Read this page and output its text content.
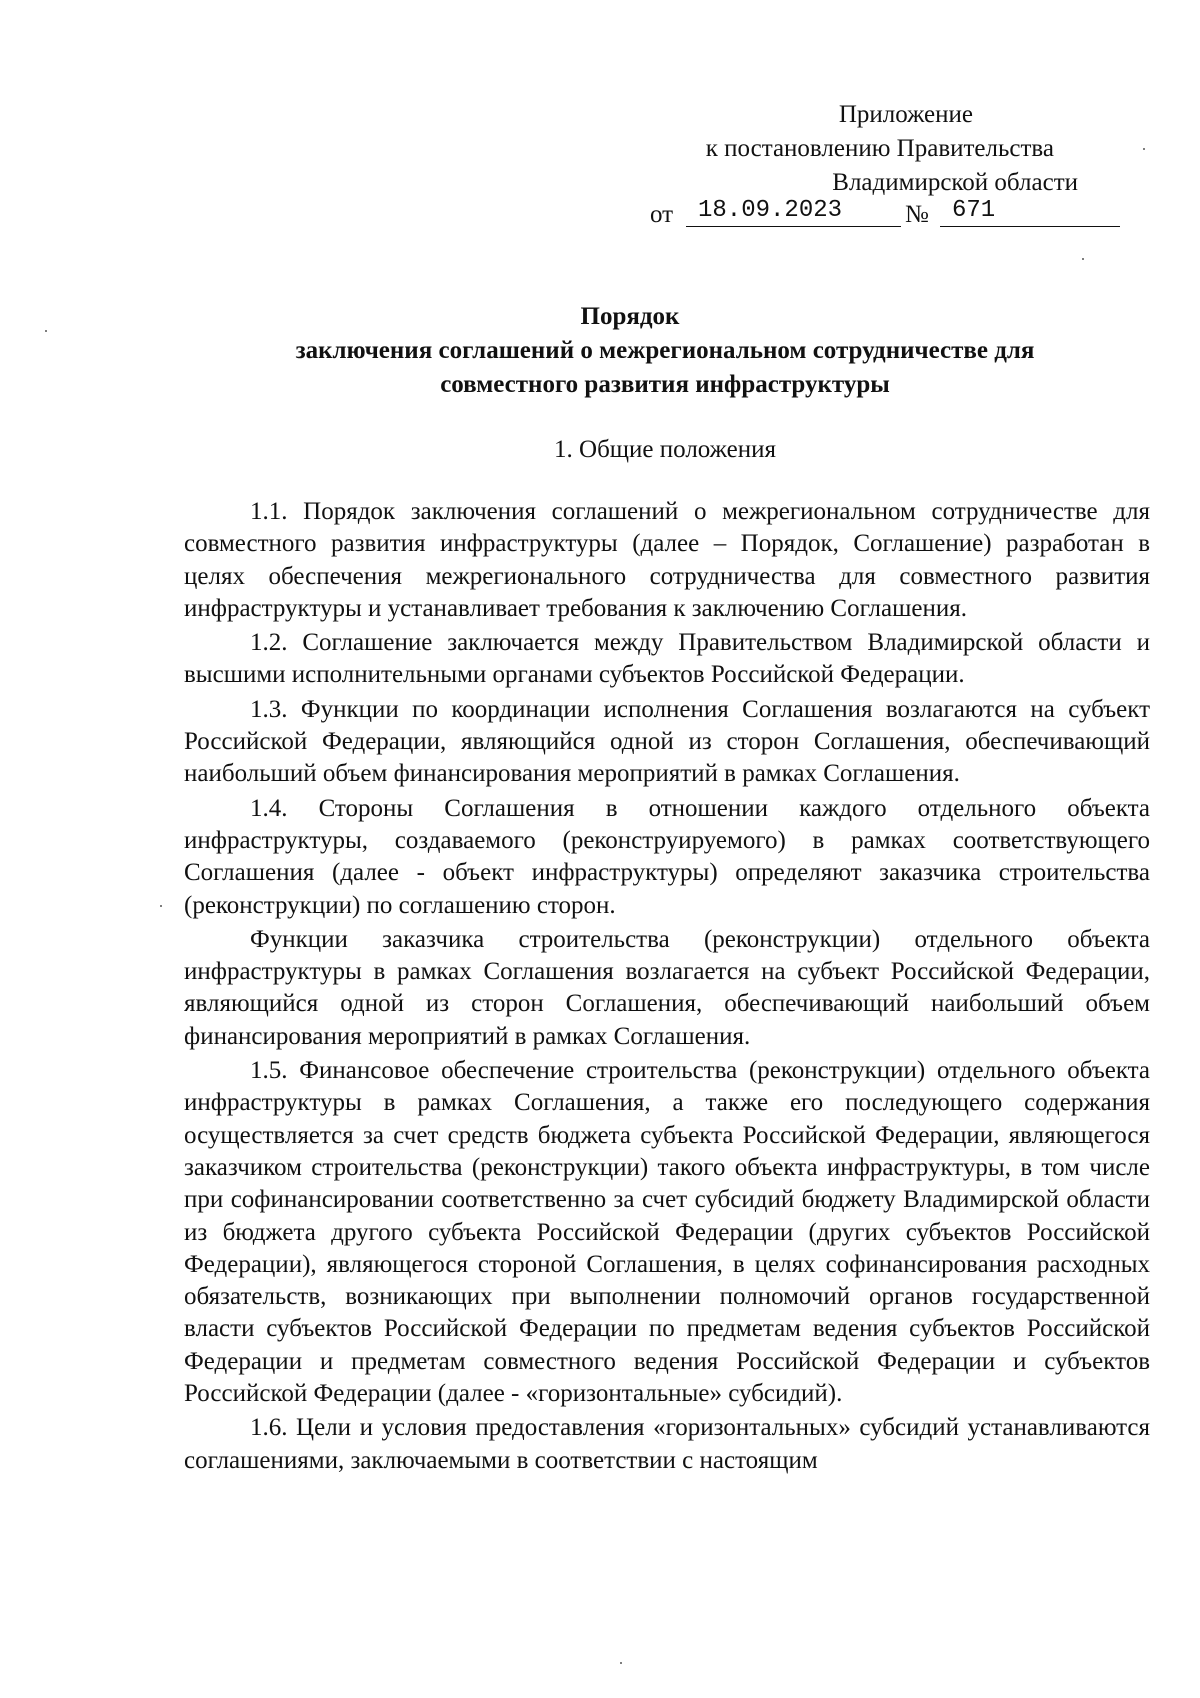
Приложение
к постановлению Правительства
Владимирской области
от	18.09.2023	№ 671
Порядок
заключения соглашений о межрегиональном сотрудничестве для
совместного развития инфраструктуры
1. Общие положения

1.1. Порядок заключения соглашений о межрегиональном сотрудничестве для совместного развития инфраструктуры (далее – Порядок, Соглашение) разработан в целях обеспечения межрегионального сотрудничества для совместного развития инфраструктуры и устанавливает требования к заключению Соглашения.

1.2. Соглашение заключается между Правительством Владимирской области и высшими исполнительными органами субъектов Российской Федерации.

1.3. Функции по координации исполнения Соглашения возлагаются на субъект Российской Федерации, являющийся одной из сторон Соглашения, обеспечивающий наибольший объем финансирования мероприятий в рамках Соглашения.

1.4. Стороны Соглашения в отношении каждого отдельного объекта инфраструктуры, создаваемого (реконструируемого) в рамках соответствующего Соглашения (далее - объект инфраструктуры) определяют заказчика строительства (реконструкции) по соглашению сторон.

Функции заказчика строительства (реконструкции) отдельного объекта инфраструктуры в рамках Соглашения возлагается на субъект Российской Федерации, являющийся одной из сторон Соглашения, обеспечивающий наибольший объем финансирования мероприятий в рамках Соглашения.

1.5. Финансовое обеспечение строительства (реконструкции) отдельного объекта инфраструктуры в рамках Соглашения, а также его последующего содержания осуществляется за счет средств бюджета субъекта Российской Федерации, являющегося заказчиком строительства (реконструкции) такого объекта инфраструктуры, в том числе при софинансировании соответственно за счет субсидий бюджету Владимирской области из бюджета другого субъекта Российской Федерации (других субъектов Российской Федерации), являющегося стороной Соглашения, в целях софинансирования расходных обязательств, возникающих при выполнении полномочий органов государственной власти субъектов Российской Федерации по предметам ведения субъектов Российской Федерации и предметам совместного ведения Российской Федерации и субъектов Российской Федерации (далее - «горизонтальные» субсидий).

1.6. Цели и условия предоставления «горизонтальных» субсидий устанавливаются соглашениями, заключаемыми в соответствии с настоящим
